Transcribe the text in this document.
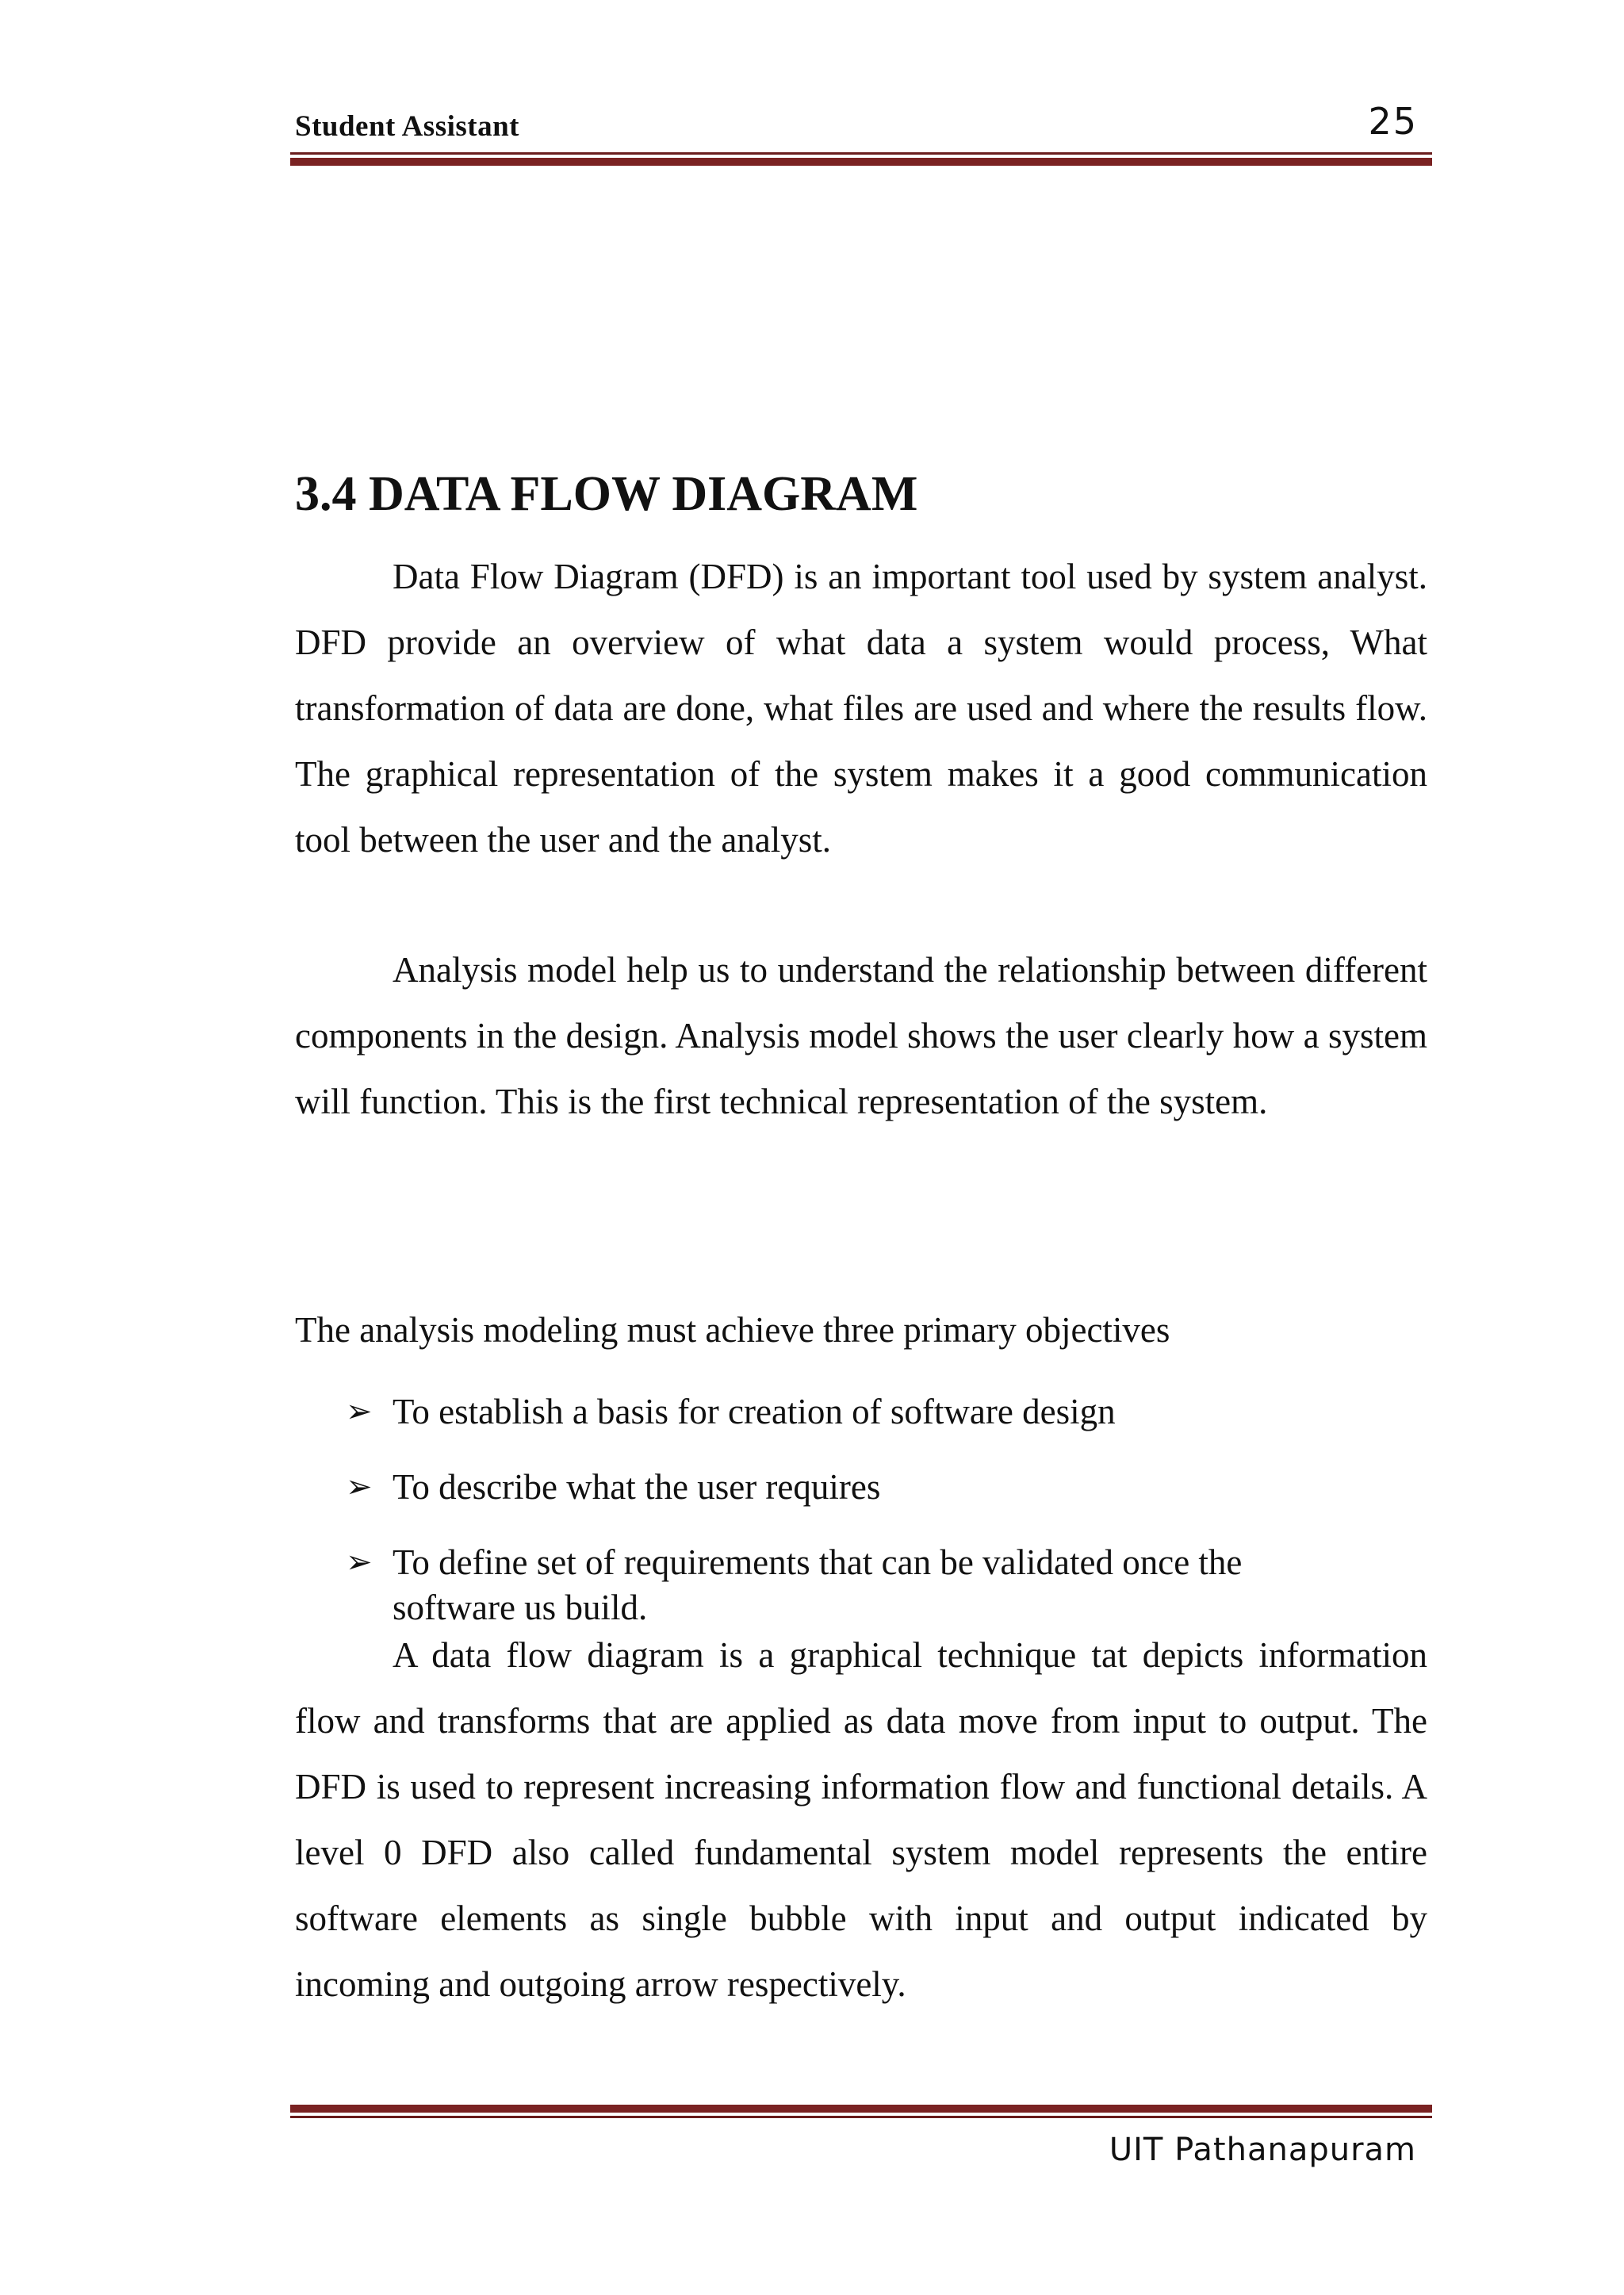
Student Assistant	25
3.4 DATA FLOW DIAGRAM

Data Flow Diagram (DFD) is an important tool used by system analyst. DFD provide an overview of what data a system would process, What transformation of data are done, what files are used and where the results flow. The graphical representation of the system makes it a good communication tool between the user and the analyst.

Analysis model help us to understand the relationship between different components in the design. Analysis model shows the user clearly how a system will function. This is the first technical representation of the system.

The analysis modeling must achieve three primary objectives

➢ To establish a basis for creation of software design
➢ To describe what the user requires
➢ To define set of requirements that can be validated once the software us build.

A data flow diagram is a graphical technique tat depicts information flow and transforms that are applied as data move from input to output. The DFD is used to represent increasing information flow and functional details. A level 0 DFD also called fundamental system model represents the entire software elements as single bubble with input and output indicated by incoming and outgoing arrow respectively.

UIT Pathanapuram
